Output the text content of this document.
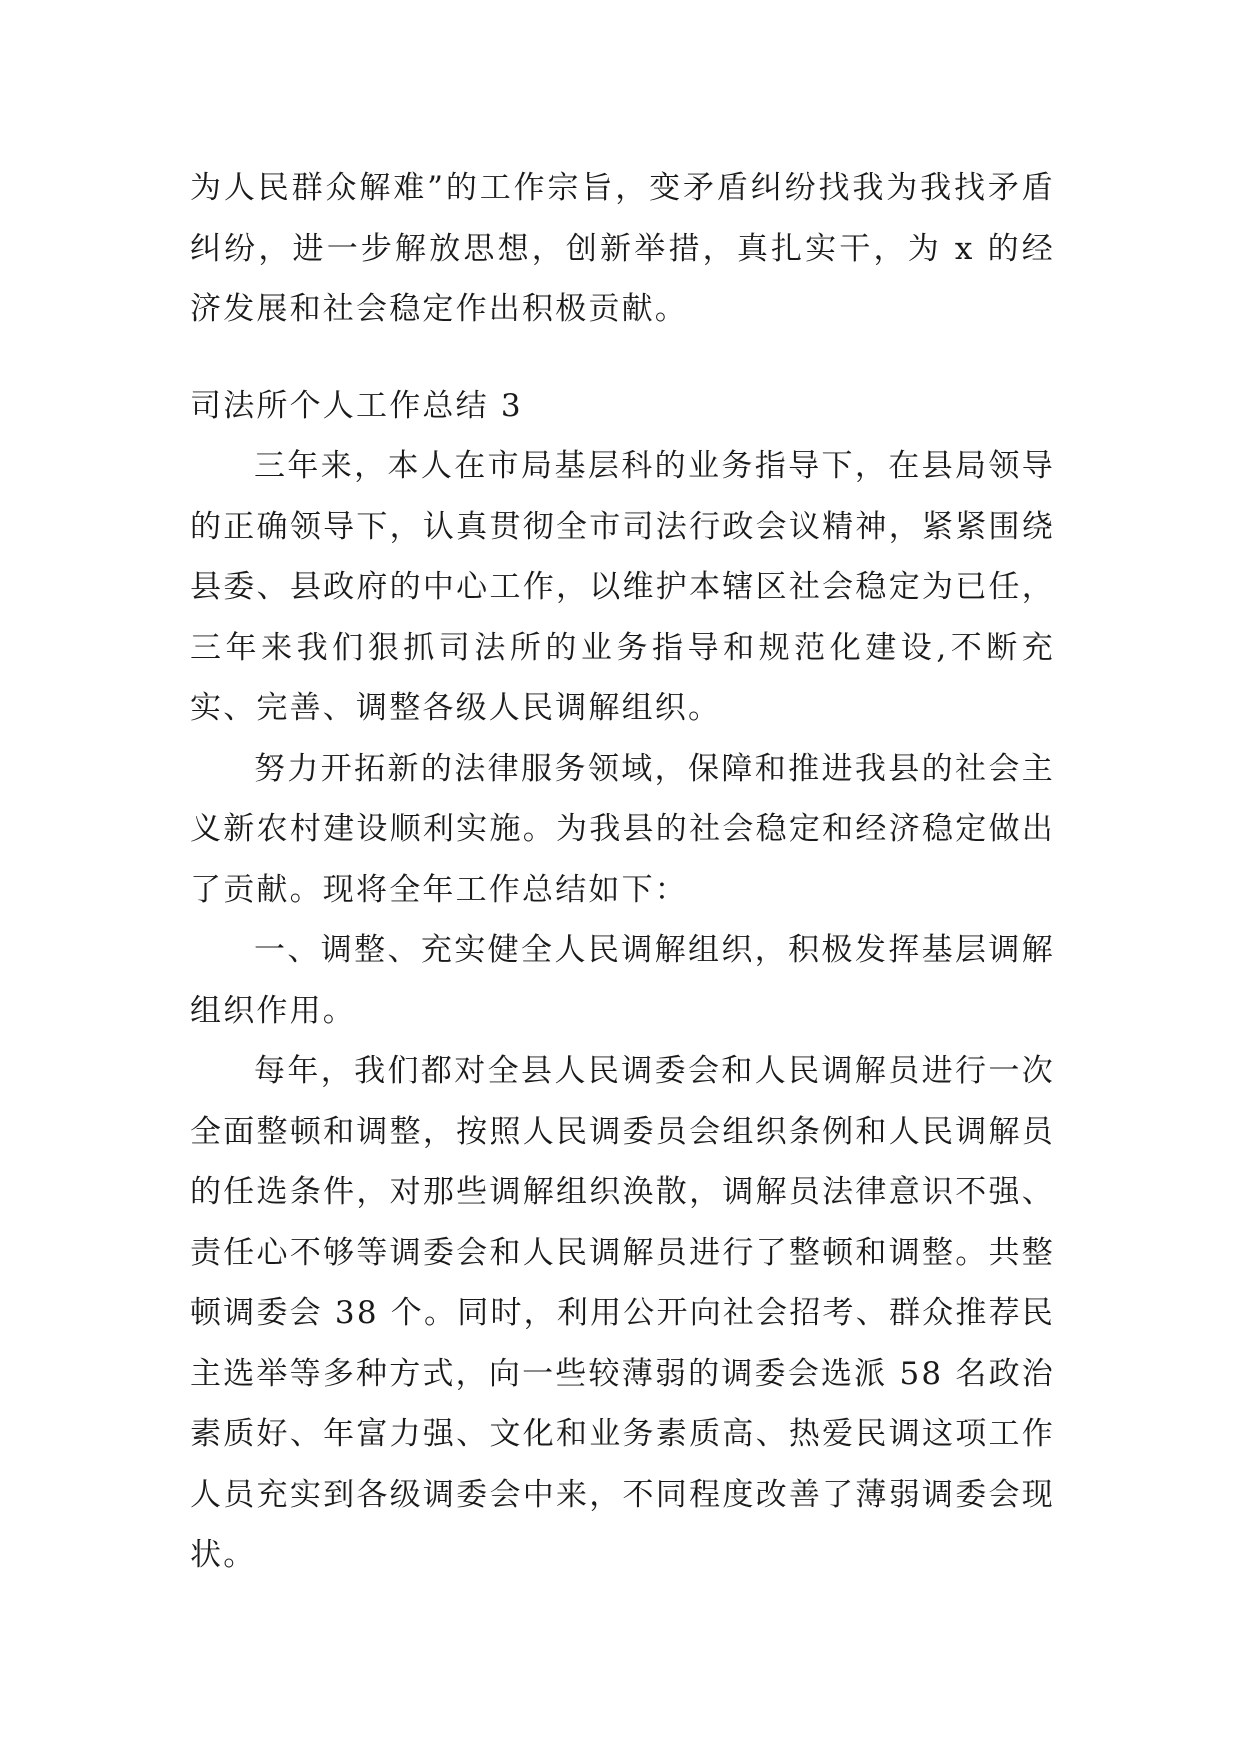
为人民群众解难”的工作宗旨，变矛盾纠纷找我为我找矛盾纠纷，进一步解放思想，创新举措，真扎实干，为 x 的经济发展和社会稳定作出积极贡献。

司法所个人工作总结 3

三年来，本人在市局基层科的业务指导下，在县局领导的正确领导下，认真贯彻全市司法行政会议精神，紧紧围绕县委、县政府的中心工作，以维护本辖区社会稳定为已任，三年来我们狠抓司法所的业务指导和规范化建设,不断充实、完善、调整各级人民调解组织。

努力开拓新的法律服务领域，保障和推进我县的社会主义新农村建设顺利实施。为我县的社会稳定和经济稳定做出了贡献。现将全年工作总结如下：

一、调整、充实健全人民调解组织，积极发挥基层调解组织作用。

每年，我们都对全县人民调委会和人民调解员进行一次全面整顿和调整，按照人民调委员会组织条例和人民调解员的任选条件，对那些调解组织涣散，调解员法律意识不强、责任心不够等调委会和人民调解员进行了整顿和调整。共整顿调委会 38 个。同时，利用公开向社会招考、群众推荐民主选举等多种方式，向一些较薄弱的调委会选派 58 名政治素质好、年富力强、文化和业务素质高、热爱民调这项工作人员充实到各级调委会中来，不同程度改善了薄弱调委会现状。
